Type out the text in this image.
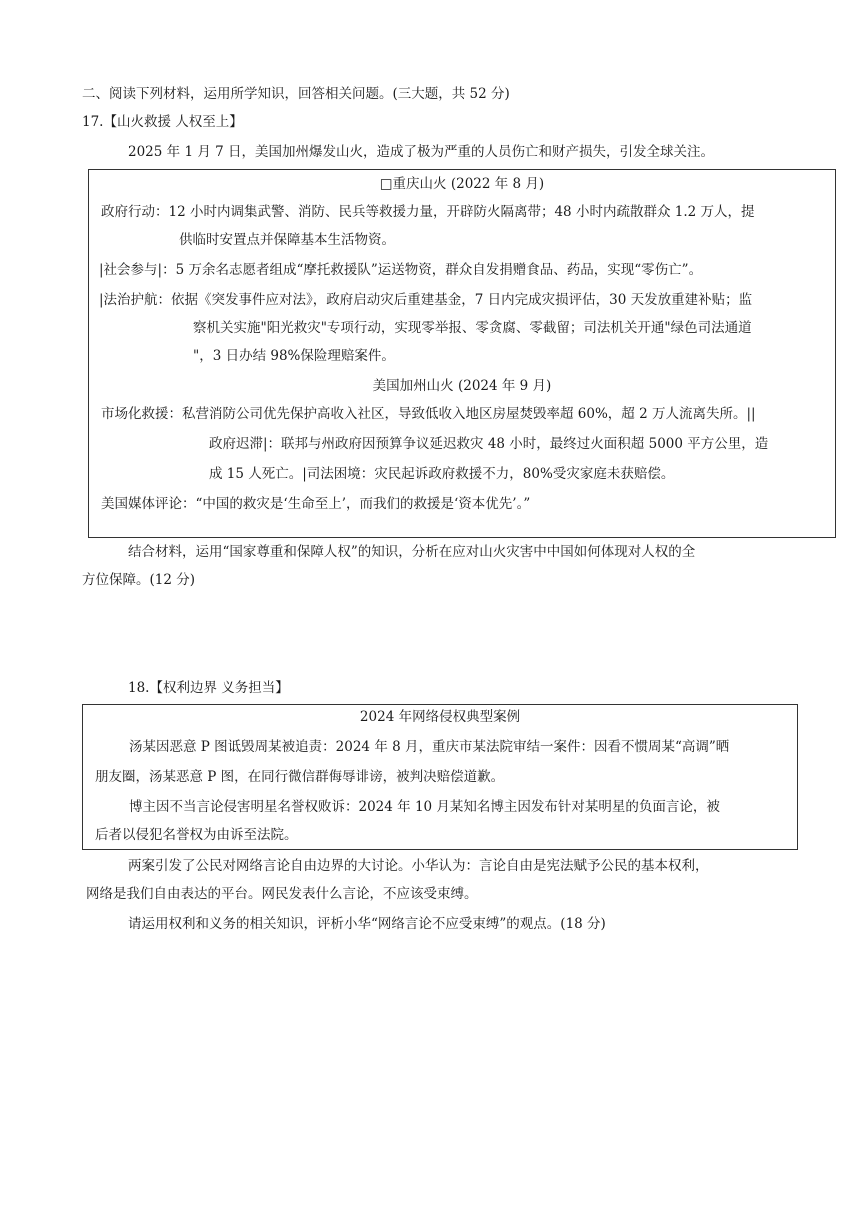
二、阅读下列材料，运用所学知识，回答相关问题。(三大题，共 52 分)
17.【山火救援 人权至上】
2025 年 1 月 7 日，美国加州爆发山火，造成了极为严重的人员伤亡和财产损失，引发全球关注。
□重庆山火 (2022 年 8 月)
政府行动：12 小时内调集武警、消防、民兵等救援力量，开辟防火隔离带；48 小时内疏散群众 1.2 万人，提
供临时安置点并保障基本生活物资。
|社会参与|：5 万余名志愿者组成“摩托救援队”运送物资，群众自发捐赠食品、药品，实现“零伤亡”。
|法治护航：依据《突发事件应对法》，政府启动灾后重建基金，7 日内完成灾损评估，30 天发放重建补贴；监
察机关实施"阳光救灾"专项行动，实现零举报、零贪腐、零截留；司法机关开通"绿色司法通道
"，3 日办结 98%保险理赔案件。
美国加州山火 (2024 年 9 月)
市场化救援：私营消防公司优先保护高收入社区，导致低收入地区房屋焚毁率超 60%，超 2 万人流离失所。||
政府迟滞|：联邦与州政府因预算争议延迟救灾 48 小时，最终过火面积超 5000 平方公里，造
成 15 人死亡。|司法困境：灾民起诉政府救援不力，80%受灾家庭未获赔偿。
美国媒体评论：“中国的救灾是‘生命至上’，而我们的救援是‘资本优先’。”
结合材料，运用“国家尊重和保障人权”的知识，分析在应对山火灾害中中国如何体现对人权的全
方位保障。(12 分)
18.【权利边界 义务担当】
2024 年网络侵权典型案例
汤某因恶意 P 图诋毁周某被追责：2024 年 8 月，重庆市某法院审结一案件：因看不惯周某“高调”晒
朋友圈，汤某恶意 P 图，在同行微信群侮辱诽谤，被判决赔偿道歉。
博主因不当言论侵害明星名誉权败诉：2024 年 10 月某知名博主因发布针对某明星的负面言论，被
后者以侵犯名誉权为由诉至法院。
两案引发了公民对网络言论自由边界的大讨论。小华认为：言论自由是宪法赋予公民的基本权利，
网络是我们自由表达的平台。网民发表什么言论，不应该受束缚。
请运用权利和义务的相关知识，评析小华“网络言论不应受束缚”的观点。(18 分)
